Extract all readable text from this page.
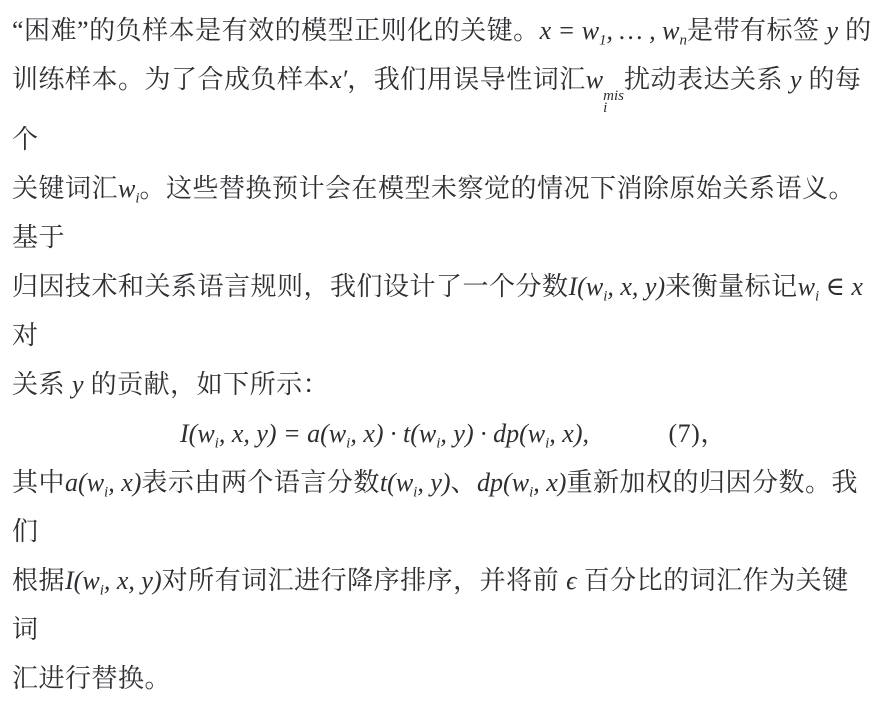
“困难”的负样本是有效的模型正则化的关键。$x = w_1$, … , $w_n$是带有标签 y 的
训练样本。为了合成负样本x′，我们用误导性词汇w
mis
i
扰动表达关系 y 的每个
关键词汇$w_i$。这些替换预计会在模型未察觉的情况下消除原始关系语义。基于
归因技术和关系语言规则，我们设计了一个分数$I(w_i$, x, y)来衡量标记$w_i$ ∈ x对
关系 y 的贡献，如下所示：
$I(w_i$, x, $y) = a(w_i$, $x) \cdot t(w_i$, $y) \cdot dp(w_i$, x),   (7)，
其中$a(w_i$, x)表示由两个语言分数$t(w_i$, y)、$dp(w_i$, x)重新加权的归因分数。我们
根据$I(w_i$, x, y)对所有词汇进行降序排序，并将前 ϵ 百分比的词汇作为关键词
汇进行替换。
